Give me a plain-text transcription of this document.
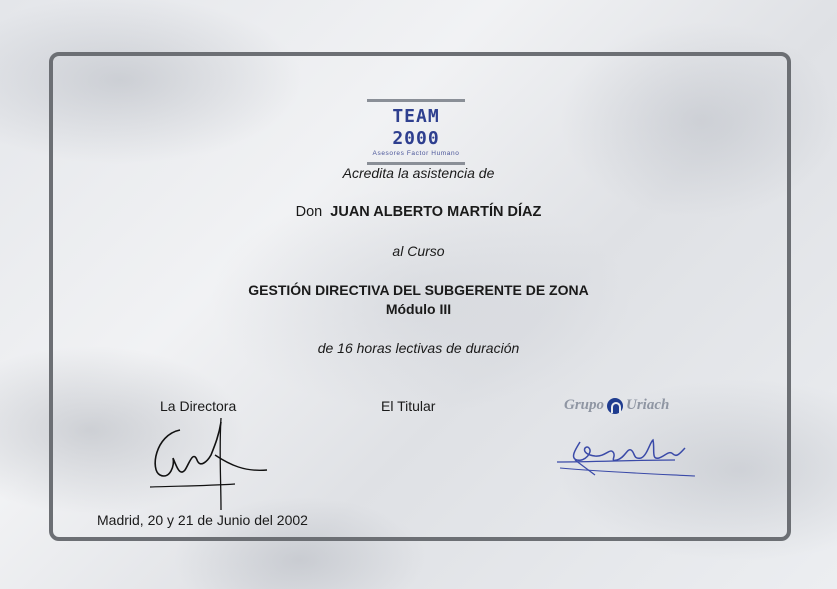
TEAM 2000
Asesores Factor Humano
Acredita la asistencia de
Don JUAN ALBERTO MARTÍN DÍAZ
al Curso
GESTIÓN DIRECTIVA DEL SUBGERENTE DE ZONA
Módulo III
de 16 horas lectivas de duración
La Directora	El Titular	Grupo Uriach
Madrid, 20 y 21 de Junio del 2002
